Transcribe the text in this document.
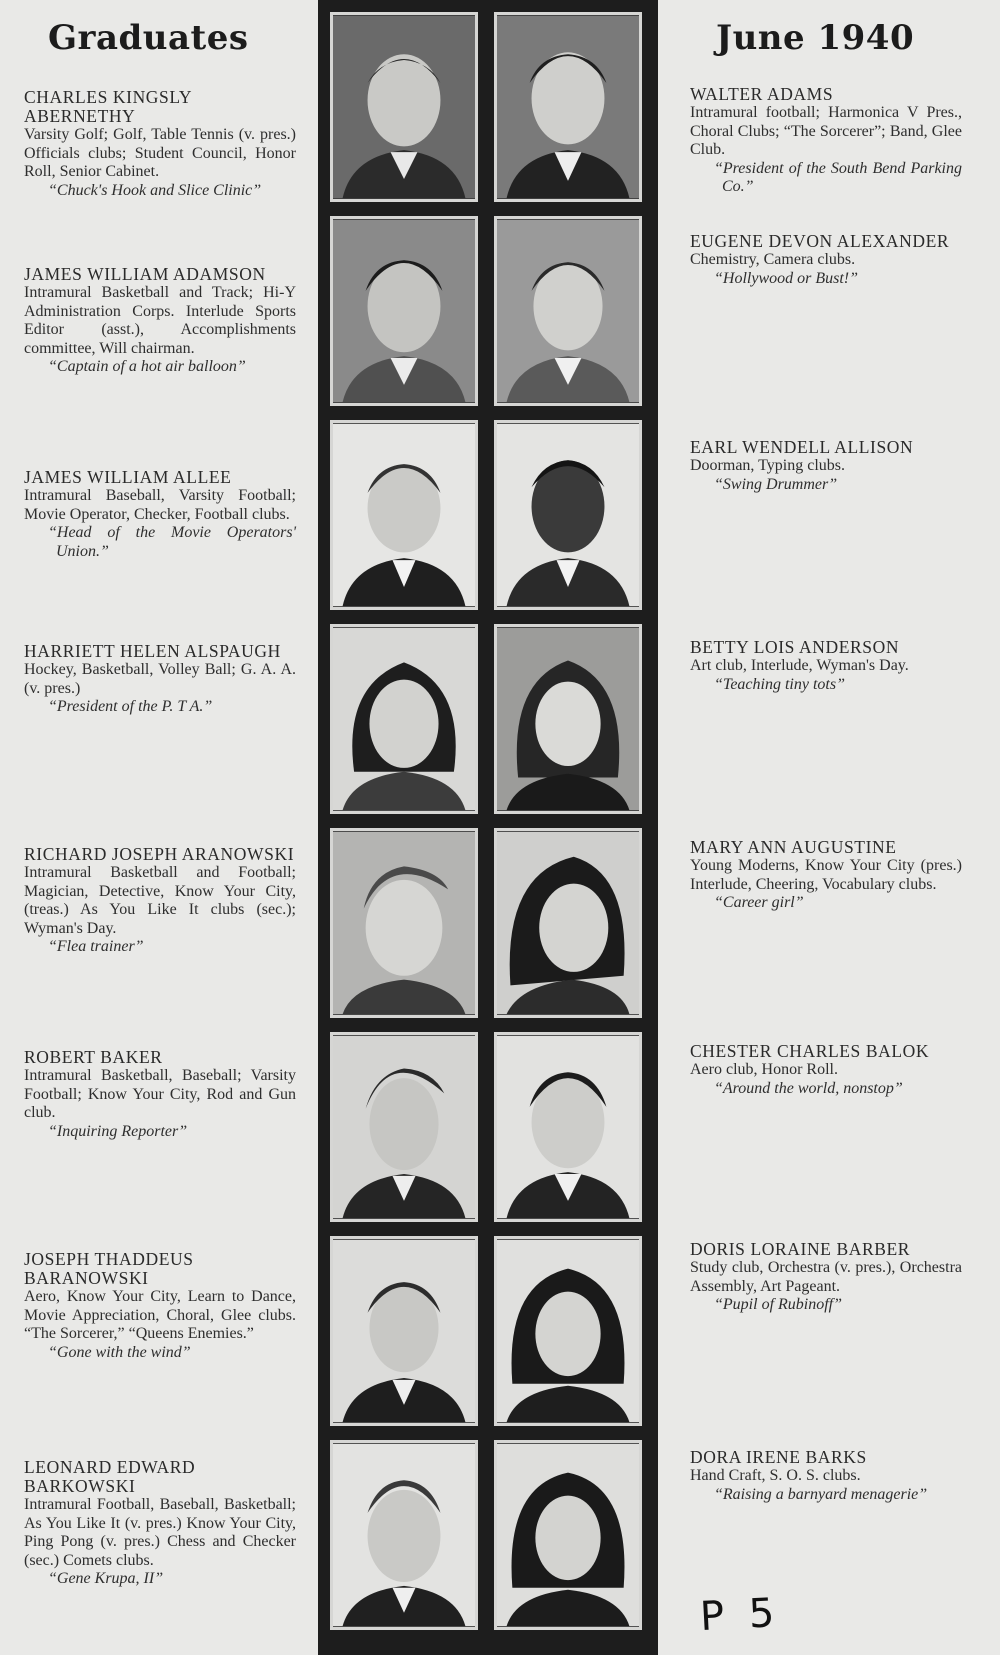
Graduates	June 1940
CHARLES KINGSLY ABERNETHY
Varsity Golf; Golf, Table Tennis (v. pres.) Officials clubs; Student Council, Honor Roll, Senior Cabinet.
“Chuck's Hook and Slice Clinic”
JAMES WILLIAM ADAMSON
Intramural Basketball and Track; Hi-Y Administration Corps. Interlude Sports Editor (asst.), Accomplishments committee, Will chairman.
“Captain of a hot air balloon”
JAMES WILLIAM ALLEE
Intramural Baseball, Varsity Football; Movie Operator, Checker, Football clubs.
“Head of the Movie Operators' Union.”
HARRIETT HELEN ALSPAUGH
Hockey, Basketball, Volley Ball; G. A. A. (v. pres.)
“President of the P. T A.”
RICHARD JOSEPH ARANOWSKI
Intramural Basketball and Football; Magician, Detective, Know Your City, (treas.) As You Like It clubs (sec.); Wyman's Day.
“Flea trainer”
ROBERT BAKER
Intramural Basketball, Baseball; Varsity Football; Know Your City, Rod and Gun club.
“Inquiring Reporter”
JOSEPH THADDEUS BARANOWSKI
Aero, Know Your City, Learn to Dance, Movie Appreciation, Choral, Glee clubs. “The Sorcerer,” “Queens Enemies.”
“Gone with the wind”
LEONARD EDWARD BARKOWSKI
Intramural Football, Baseball, Basketball; As You Like It (v. pres.) Know Your City, Ping Pong (v. pres.) Chess and Checker (sec.) Comets clubs.
“Gene Krupa, II”
WALTER ADAMS
Intramural football; Harmonica V Pres., Choral Clubs; “The Sorcerer”; Band, Glee Club.
“President of the South Bend Parking Co.”
EUGENE DEVON ALEXANDER
Chemistry, Camera clubs.
“Hollywood or Bust!”
EARL WENDELL ALLISON
Doorman, Typing clubs.
“Swing Drummer”
BETTY LOIS ANDERSON
Art club, Interlude, Wyman's Day.
“Teaching tiny tots”
MARY ANN AUGUSTINE
Young Moderns, Know Your City (pres.) Interlude, Cheering, Vocabulary clubs.
“Career girl”
CHESTER CHARLES BALOK
Aero club, Honor Roll.
“Around the world, nonstop”
DORIS LORAINE BARBER
Study club, Orchestra (v. pres.), Orchestra Assembly, Art Pageant.
“Pupil of Rubinoff”
DORA IRENE BARKS
Hand Craft, S. O. S. clubs.
“Raising a barnyard menagerie”
P 5
